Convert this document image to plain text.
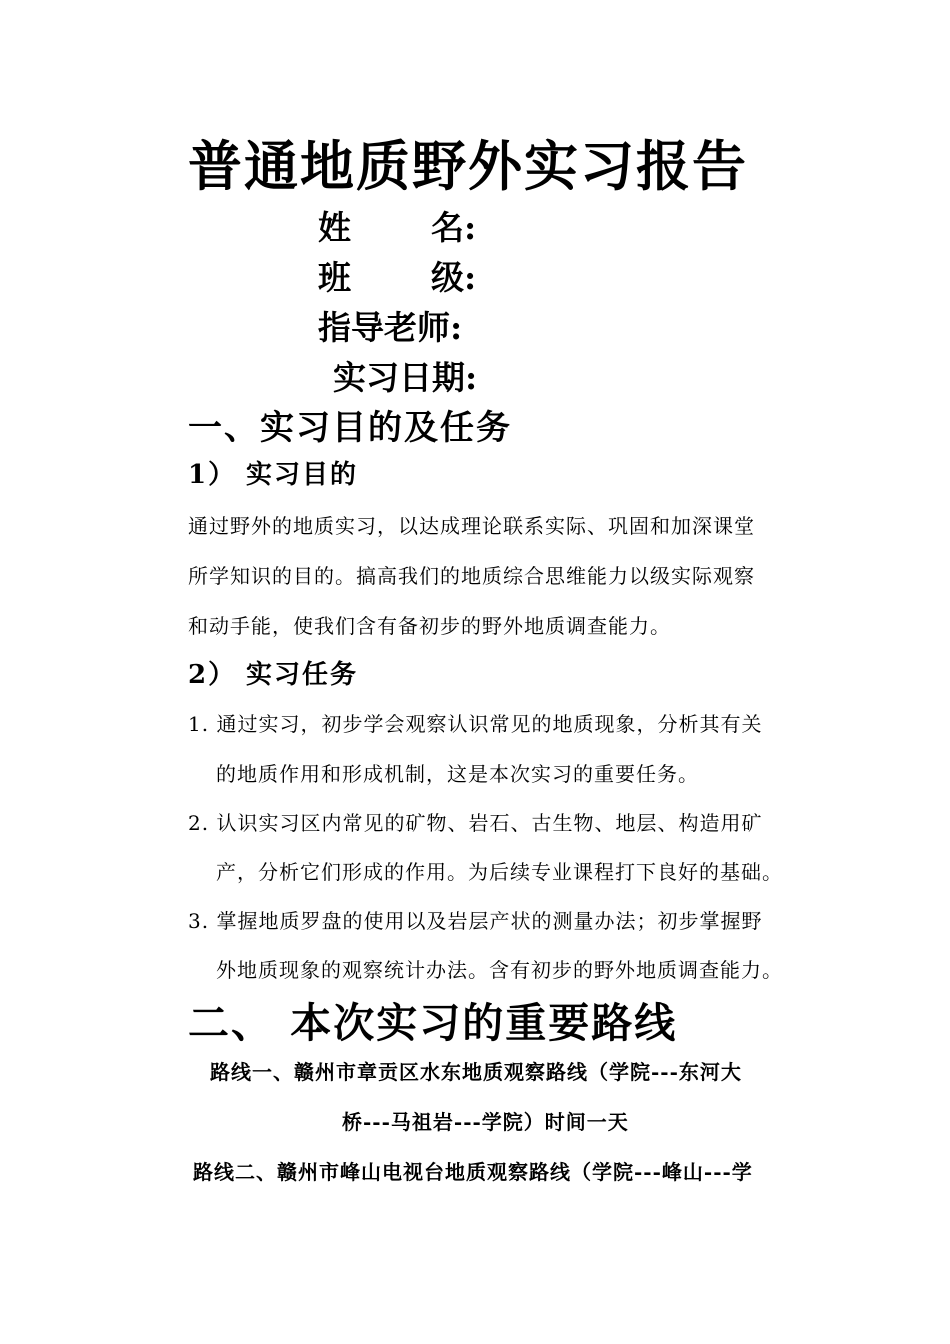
普通地质野外实习报告
姓 名:
班 级:
指导老师:
实习日期:
一、实习目的及任务
1） 实习目的
通过野外的地质实习，以达成理论联系实际、巩固和加深课堂
所学知识的目的。搞高我们的地质综合思维能力以级实际观察
和动手能，使我们含有备初步的野外地质调查能力。
2） 实习任务
1. 通过实习，初步学会观察认识常见的地质现象，分析其有关
的地质作用和形成机制，这是本次实习的重要任务。
2. 认识实习区内常见的矿物、岩石、古生物、地层、构造用矿
产，分析它们形成的作用。为后续专业课程打下良好的基础。
3. 掌握地质罗盘的使用以及岩层产状的测量办法；初步掌握野
外地质现象的观察统计办法。含有初步的野外地质调查能力。
二、 本次实习的重要路线
路线一、赣州市章贡区水东地质观察路线（学院---东河大
桥---马祖岩---学院）时间一天
路线二、赣州市峰山电视台地质观察路线（学院---峰山---学
